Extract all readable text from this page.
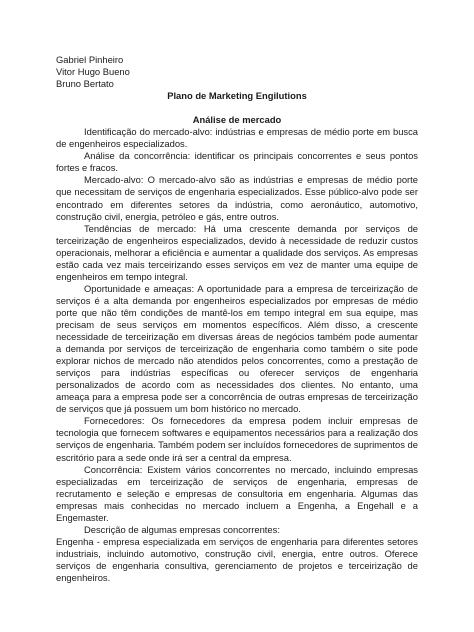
Gabriel Pinheiro
Vitor Hugo Bueno
Bruno Bertato
Plano de Marketing Engilutions
Análise de mercado

Identificação do mercado-alvo: indústrias e empresas de médio porte em busca de engenheiros especializados.

Análise da concorrência: identificar os principais concorrentes e seus pontos fortes e fracos.

Mercado-alvo: O mercado-alvo são as indústrias e empresas de médio porte que necessitam de serviços de engenharia especializados. Esse público-alvo pode ser encontrado em diferentes setores da indústria, como aeronáutico, automotivo, construção civil, energia, petróleo e gás, entre outros.

Tendências de mercado: Há uma crescente demanda por serviços de terceirização de engenheiros especializados, devido à necessidade de reduzir custos operacionais, melhorar a eficiência e aumentar a qualidade dos serviços. As empresas estão cada vez mais terceirizando esses serviços em vez de manter uma equipe de engenheiros em tempo integral.

Oportunidade e ameaças: A oportunidade para a empresa de terceirização de serviços é a alta demanda por engenheiros especializados por empresas de médio porte que não têm condições de mantê-los em tempo integral em sua equipe, mas precisam de seus serviços em momentos específicos. Além disso, a crescente necessidade de terceirização em diversas áreas de negócios também pode aumentar a demanda por serviços de terceirização de engenharia como também o site pode explorar nichos de mercado não atendidos pelos concorrentes, como a prestação de serviços para indústrias específicas ou oferecer serviços de engenharia personalizados de acordo com as necessidades dos clientes. No entanto, uma ameaça para a empresa pode ser a concorrência de outras empresas de terceirização de serviços que já possuem um bom histórico no mercado.

Fornecedores: Os fornecedores da empresa podem incluir empresas de tecnologia que fornecem softwares e equipamentos necessários para a realização dos serviços de engenharia. Também podem ser incluídos fornecedores de suprimentos de escritório para a sede onde irá ser a central da empresa.

Concorrência: Existem vários concorrentes no mercado, incluindo empresas especializadas em terceirização de serviços de engenharia, empresas de recrutamento e seleção e empresas de consultoria em engenharia. Algumas das empresas mais conhecidas no mercado incluem a Engenha, a Engehall e a Engemaster.

Descrição de algumas empresas concorrentes:

Engenha - empresa especializada em serviços de engenharia para diferentes setores industriais, incluindo automotivo, construção civil, energia, entre outros. Oferece serviços de engenharia consultiva, gerenciamento de projetos e terceirização de engenheiros.
